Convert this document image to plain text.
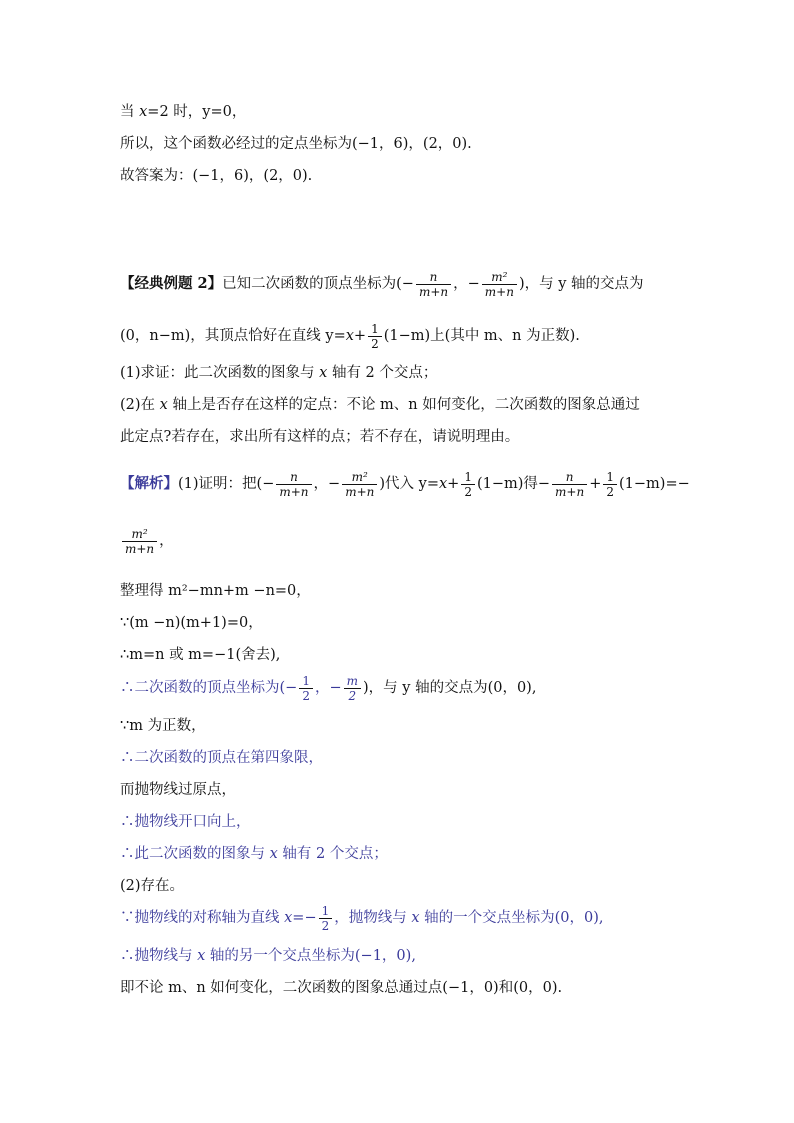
当 x=2 时，y=0，
所以，这个函数必经过的定点坐标为(−1，6)，(2，0).
故答案为：(−1，6)，(2，0).
【经典例题 2】已知二次函数的顶点坐标为(− $\frac{n}{m+n}$ ，− $\frac{\text{m²}}{m+n}$ )，与 y 轴的交点为
(0，n−m)，其顶点恰好在直线 $y=x+ \frac{1}{2} (1-m)$上(其中 m、n 为正数).
(1)求证：此二次函数的图象与 x 轴有 2 个交点；
(2)在 x 轴上是否存在这样的定点：不论 m、n 如何变化，二次函数的图象总通过
此定点?若存在，求出所有这样的点；若不存在，请说明理由。
【解析】(1)证明：把(− $\frac{n}{m+n}$ ，− $\frac{\text{m²}}{m+n}$ )代入 $y=x+ \frac{1}{2} (1-m)$得− $\frac{n}{m+n} + \frac{1}{2} (1-m)=-$
$\frac{\text{m²}}{m+n}$ ，
整理得 m²−mn+m −n=0，
∵(m −n)(m+1)=0，
∴m=n 或 m=−1(舍去),
∴二次函数的顶点坐标为(− $\frac{1}{2}$ ，− $\frac{m}{2}$ )，与 y 轴的交点为(0，0),
∵m 为正数，
∴二次函数的顶点在第四象限，
而抛物线过原点，
∴抛物线开口向上，
∴此二次函数的图象与 x 轴有 2 个交点；
(2)存在。
∵抛物线的对称轴为直线 $x=- \frac{1}{2}$ ，抛物线与 x 轴的一个交点坐标为(0，0),
∴抛物线与 x 轴的另一个交点坐标为(−1，0),
即不论 m、n 如何变化，二次函数的图象总通过点(−1，0)和(0，0).
